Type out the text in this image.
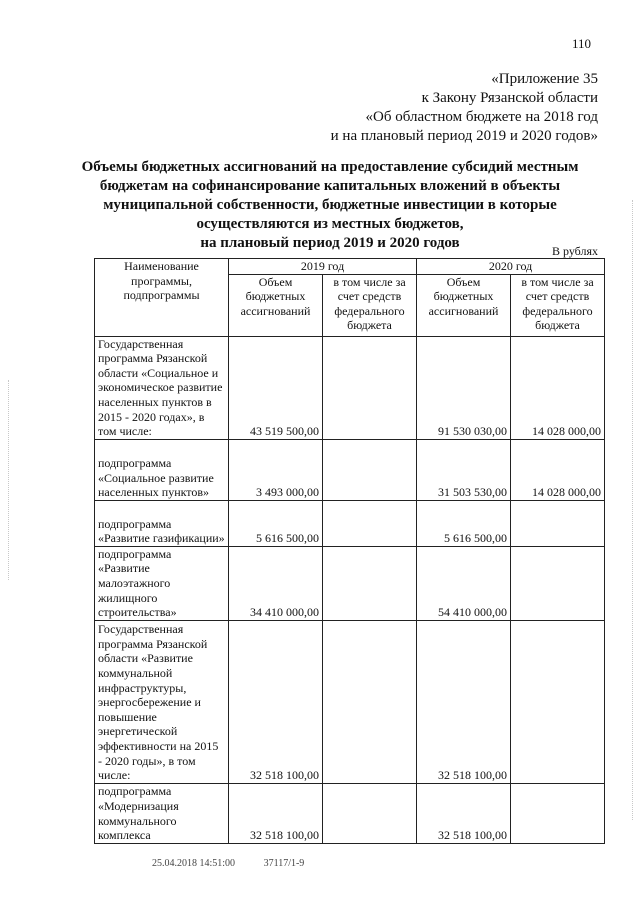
110
«Приложение 35
к Закону Рязанской области
«Об областном бюджете на 2018 год
и на плановый период 2019 и 2020 годов»
Объемы бюджетных ассигнований на предоставление субсидий местным
бюджетам на софинансирование капитальных вложений в объекты
муниципальной собственности, бюджетные инвестиции в которые
осуществляются из местных бюджетов,
на плановый период 2019 и 2020 годов	В рублях
Наименование программы, подпрограммы	2019 год		2020 год	
	Объем бюджетных ассигнований	в том числе за счет средств федерального бюджета	Объем бюджетных ассигнований	в том числе за счет средств федерального бюджета
Государственная программа Рязанской области «Социальное и экономическое развитие населенных пунктов в 2015 - 2020 годах», в том числе:	43 519 500,00		91 530 030,00	14 028 000,00
подпрограмма «Социальное развитие населенных пунктов»	3 493 000,00		31 503 530,00	14 028 000,00
подпрограмма «Развитие газификации»	5 616 500,00		5 616 500,00	
подпрограмма «Развитие малоэтажного жилищного строительства»	34 410 000,00		54 410 000,00	
Государственная программа Рязанской области «Развитие коммунальной инфраструктуры, энергосбережение и повышение энергетической эффективности на 2015 - 2020 годы», в том числе:	32 518 100,00		32 518 100,00	
подпрограмма «Модернизация коммунального комплекса	32 518 100,00		32 518 100,00	
25.04.2018 14:51:00	37117/1-9
